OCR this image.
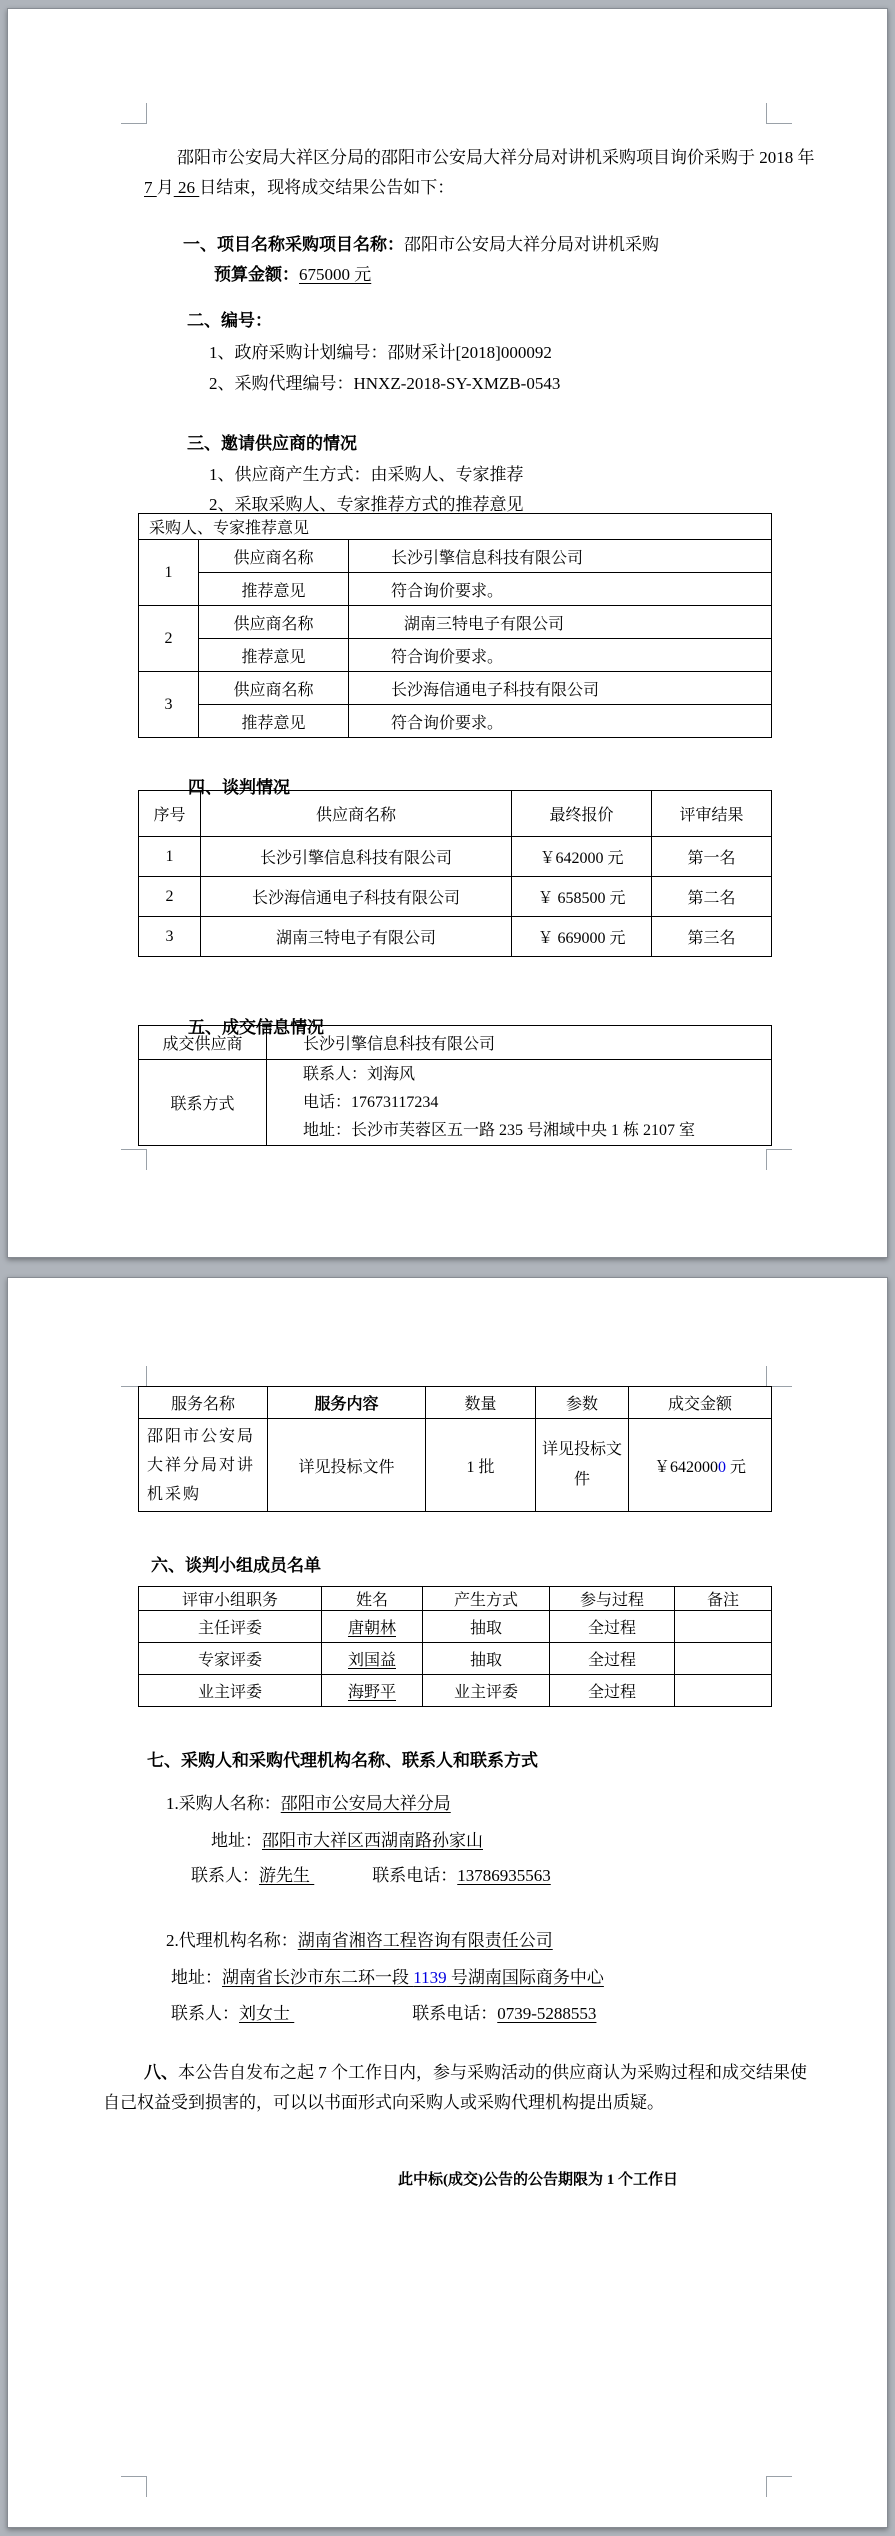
邵阳市公安局大祥区分局的邵阳市公安局大祥分局对讲机采购项目询价采购于 2018 年
7 月 26 日结束，现将成交结果公告如下：
一、项目名称采购项目名称：邵阳市公安局大祥分局对讲机采购
预算金额：675000 元
二、编号：
1、政府采购计划编号：邵财采计[2018]000092
2、采购代理编号：HNXZ-2018-SY-XMZB-0543
三、邀请供应商的情况
1、供应商产生方式：由采购人、专家推荐
2、采取采购人、专家推荐方式的推荐意见
采购人、专家推荐意见		
1	供应商名称	长沙引擎信息科技有限公司
	推荐意见	符合询价要求。
2	供应商名称	湖南三特电子有限公司
	推荐意见	符合询价要求。
3	供应商名称	长沙海信通电子科技有限公司
	推荐意见	符合询价要求。
四、谈判情况
序号	供应商名称	最终报价	评审结果
1	长沙引擎信息科技有限公司	￥642000 元	第一名
2	长沙海信通电子科技有限公司	￥ 658500 元	第二名
3	湖南三特电子有限公司	￥ 669000 元	第三名
五、成交信息情况
成交供应商	长沙引擎信息科技有限公司
联系方式	联系人：刘海风
电话：17673117234
地址：长沙市芙蓉区五一路 235 号湘域中央 1 栋 2107 室
服务名称	服务内容	数量	参数	成交金额

邵阳市公安局
大祥分局对讲
机采购	详见投标文件	1 批	详见投标文件	￥6420000 元
六、谈判小组成员名单
评审小组职务	姓名	产生方式	参与过程	备注
主任评委	唐朝林	抽取	全过程	
专家评委	刘国益	抽取	全过程	
业主评委	海野平	业主评委	全过程	
七、采购人和采购代理机构名称、联系人和联系方式
1.采购人名称：邵阳市公安局大祥分局
地址：邵阳市大祥区西湖南路孙家山
联系人：游先生	联系电话：13786935563
2.代理机构名称：湖南省湘咨工程咨询有限责任公司
地址：湖南省长沙市东二环一段 1139 号湖南国际商务中心
联系人：刘女士	联系电话：0739-5288553
八、本公告自发布之起 7 个工作日内，参与采购活动的供应商认为采购过程和成交结果使
自己权益受到损害的，可以以书面形式向采购人或采购代理机构提出质疑。
此中标(成交)公告的公告期限为 1 个工作日
